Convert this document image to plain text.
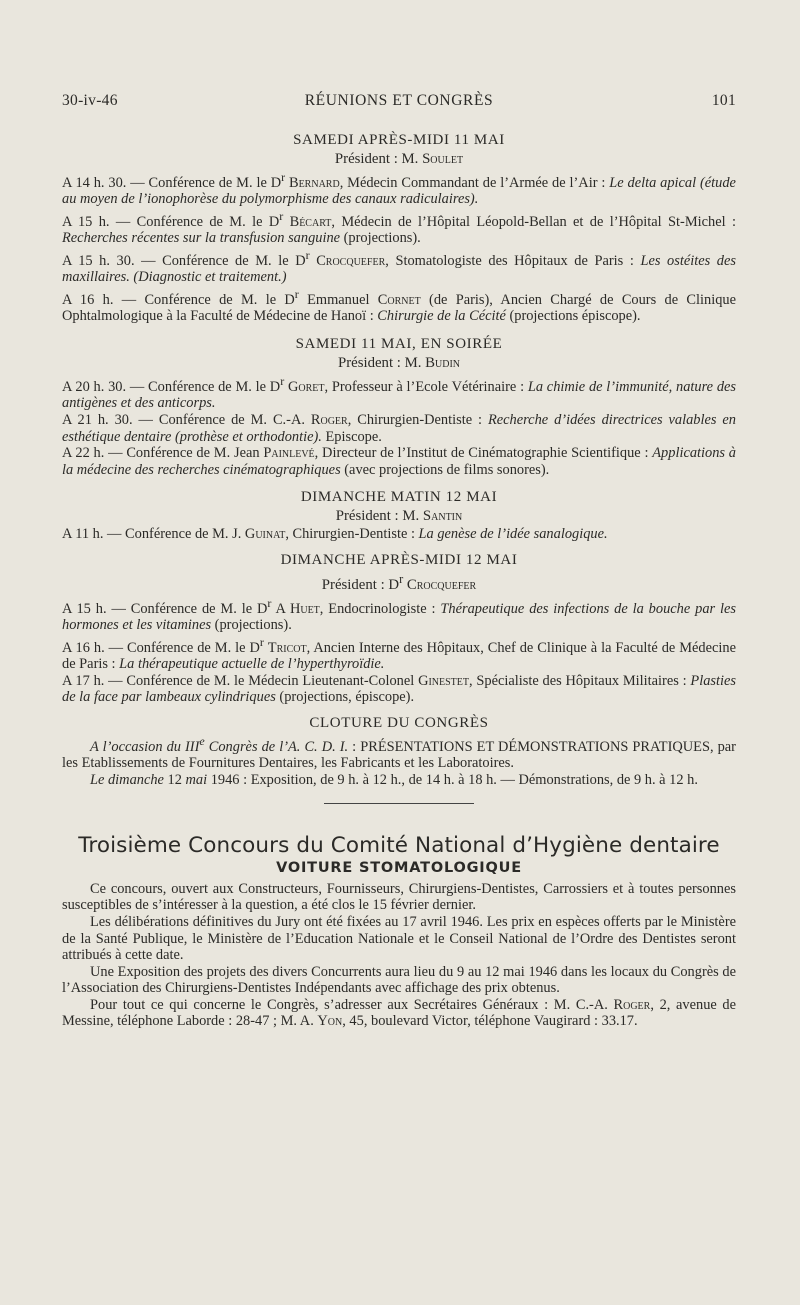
30-iv-46	RÉUNIONS ET CONGRÈS	101
SAMEDI APRÈS-MIDI 11 MAI
Président : M. Soulet
A 14 h. 30. — Conférence de M. le $D^r$ Bernard, Médecin Commandant de l’Armée de l’Air : Le delta apical (étude au moyen de l’ionophorèse du polymorphisme des canaux radiculaires).
A 15 h. — Conférence de M. le $D^r$ Bécart, Médecin de l’Hôpital Léopold-Bellan et de l’Hôpital St-Michel : Recherches récentes sur la transfusion sanguine (projections).
A 15 h. 30. — Conférence de M. le $D^r$ Crocquefer, Stomatologiste des Hôpitaux de Paris : Les ostéites des maxillaires. (Diagnostic et traitement.)
A 16 h. — Conférence de M. le $D^r$ Emmanuel Cornet (de Paris), Ancien Chargé de Cours de Clinique Ophtalmologique à la Faculté de Médecine de Hanoï : Chirurgie de la Cécité (projections épiscope).
SAMEDI 11 MAI, EN SOIRÉE
Président : M. Budin
A 20 h. 30. — Conférence de M. le $D^r$ Goret, Professeur à l’Ecole Vétérinaire : La chimie de l’immunité, nature des antigènes et des anticorps.
A 21 h. 30. — Conférence de M. C.-A. Roger, Chirurgien-Dentiste : Recherche d’idées directrices valables en esthétique dentaire (prothèse et orthodontie). Episcope.
A 22 h. — Conférence de M. Jean Painlevé, Directeur de l’Institut de Cinématographie Scientifique : Applications à la médecine des recherches cinématographiques (avec projections de films sonores).
DIMANCHE MATIN 12 MAI
Président : M. Santin
A 11 h. — Conférence de M. J. Guinat, Chirurgien-Dentiste : La genèse de l’idée sanalogique.
DIMANCHE APRÈS-MIDI 12 MAI
Président : $D^r$ Crocquefer
A 15 h. — Conférence de M. le $D^r$ A Huet, Endocrinologiste : Thérapeutique des infections de la bouche par les hormones et les vitamines (projections).
A 16 h. — Conférence de M. le $D^r$ Tricot, Ancien Interne des Hôpitaux, Chef de Clinique à la Faculté de Médecine de Paris : La thérapeutique actuelle de l’hyperthyroïdie.
A 17 h. — Conférence de M. le Médecin Lieutenant-Colonel Ginestet, Spécialiste des Hôpitaux Militaires : Plasties de la face par lambeaux cylindriques (projections, épiscope).
CLOTURE DU CONGRÈS
A l’occasion du IIIe Congrès de l’A. C. D. I. : PRÉSENTATIONS ET DÉMONSTRATIONS PRATIQUES, par les Etablissements de Fournitures Dentaires, les Fabricants et les Laboratoires.
Le dimanche 12 mai 1946 : Exposition, de 9 h. à 12 h., de 14 h. à 18 h. — Démonstrations, de 9 h. à 12 h.
Troisième Concours du Comité National d’Hygiène dentaire
VOITURE STOMATOLOGIQUE
Ce concours, ouvert aux Constructeurs, Fournisseurs, Chirurgiens-Dentistes, Carrossiers et à toutes personnes susceptibles de s’intéresser à la question, a été clos le 15 février dernier.
Les délibérations définitives du Jury ont été fixées au 17 avril 1946. Les prix en espèces offerts par le Ministère de la Santé Publique, le Ministère de l’Education Nationale et le Conseil National de l’Ordre des Dentistes seront attribués à cette date.
Une Exposition des projets des divers Concurrents aura lieu du 9 au 12 mai 1946 dans les locaux du Congrès de l’Association des Chirurgiens-Dentistes Indépendants avec affichage des prix obtenus.
Pour tout ce qui concerne le Congrès, s’adresser aux Secrétaires Généraux : M. C.-A. Roger, 2, avenue de Messine, téléphone Laborde : 28-47 ; M. A. Yon, 45, boulevard Victor, téléphone Vaugirard : 33.17.
